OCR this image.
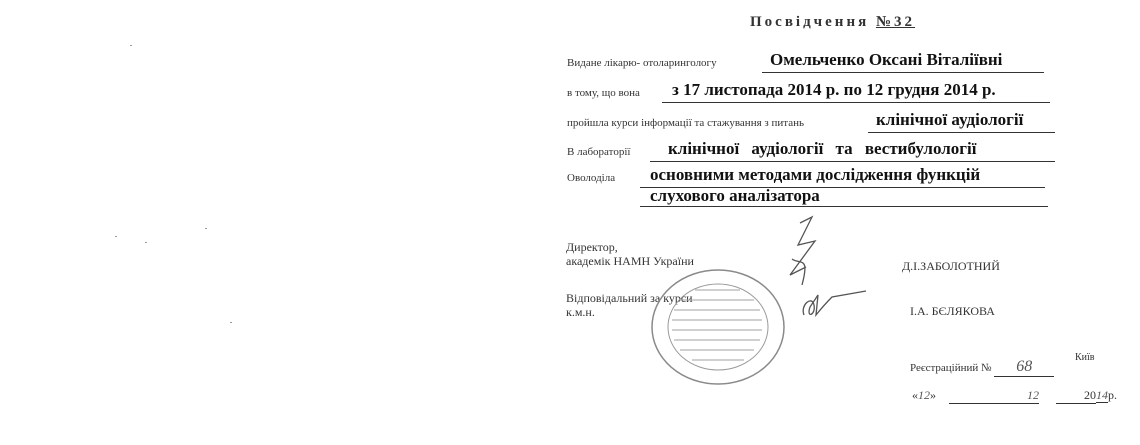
Посвідчення №32
Видане лікарю- отоларингологу	Омельченко Оксані Віталіївні
в тому, що вона з 17 листопада 2014 р. по 12 грудня 2014 р.
пройшла курси інформації та стажування з питань	клінічної аудіології
В лабораторії клінічної аудіології та вестибулології
Оволоділа основними методами дослідження функцій
слухового аналізатора
Директор,
академік НАМН України	Д.І.ЗАБОЛОТНИЙ
Відповідальний за курси
к.м.н.	І.А. БЄЛЯКОВА
Реєстраційний № 68
Київ
«12»	12	2014р.
